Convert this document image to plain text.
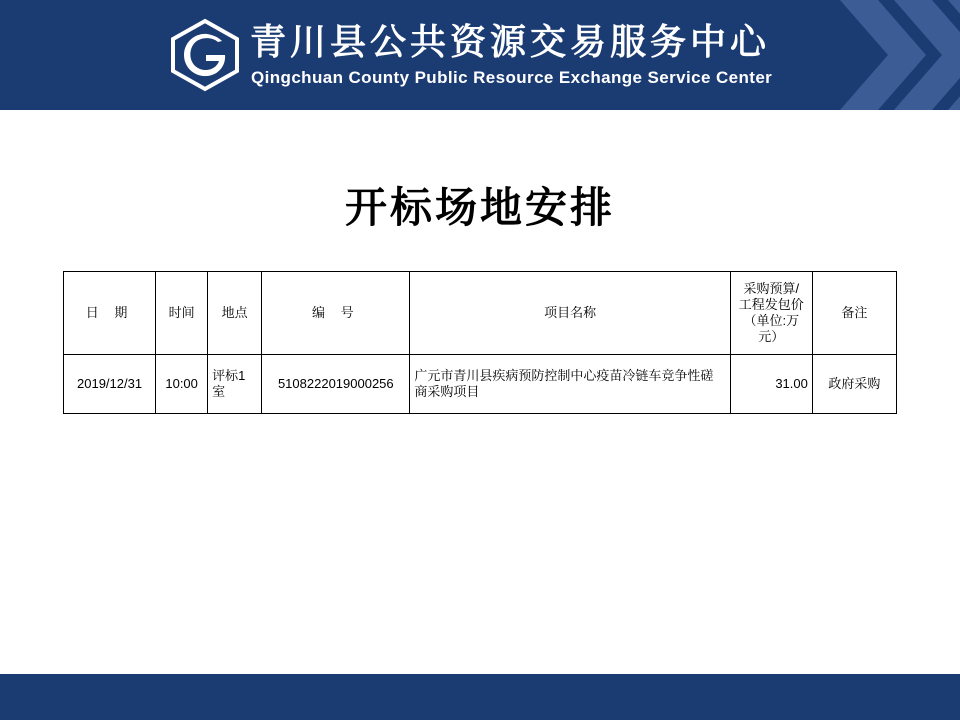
青川县公共资源交易服务中心
Qingchuan County Public Resource Exchange Service Center
开标场地安排
日 期	时间	地点	编 号	项目名称	采购预算/
工程发包价
（单位:万
元）	备注
2019/12/31	10:00	评标1室	5108222019000256	广元市青川县疾病预防控制中心疫苗冷链车竞争性磋商采购项目	31.00	政府采购
